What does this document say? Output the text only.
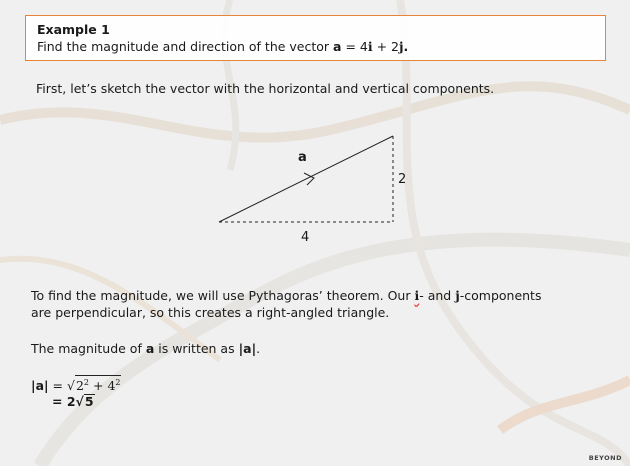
Example 1
Find the magnitude and direction of the vector a = 4i + 2j.
First, let’s sketch the vector with the horizontal and vertical components.
a
4
2
To find the magnitude, we will use Pythagoras’ theorem. Our i- and j-components
are perpendicular, so this creates a right-angled triangle.
The magnitude of a is written as |a|.
$|a| = √2^2 + 4^2$
= 2√5
BEYOND
